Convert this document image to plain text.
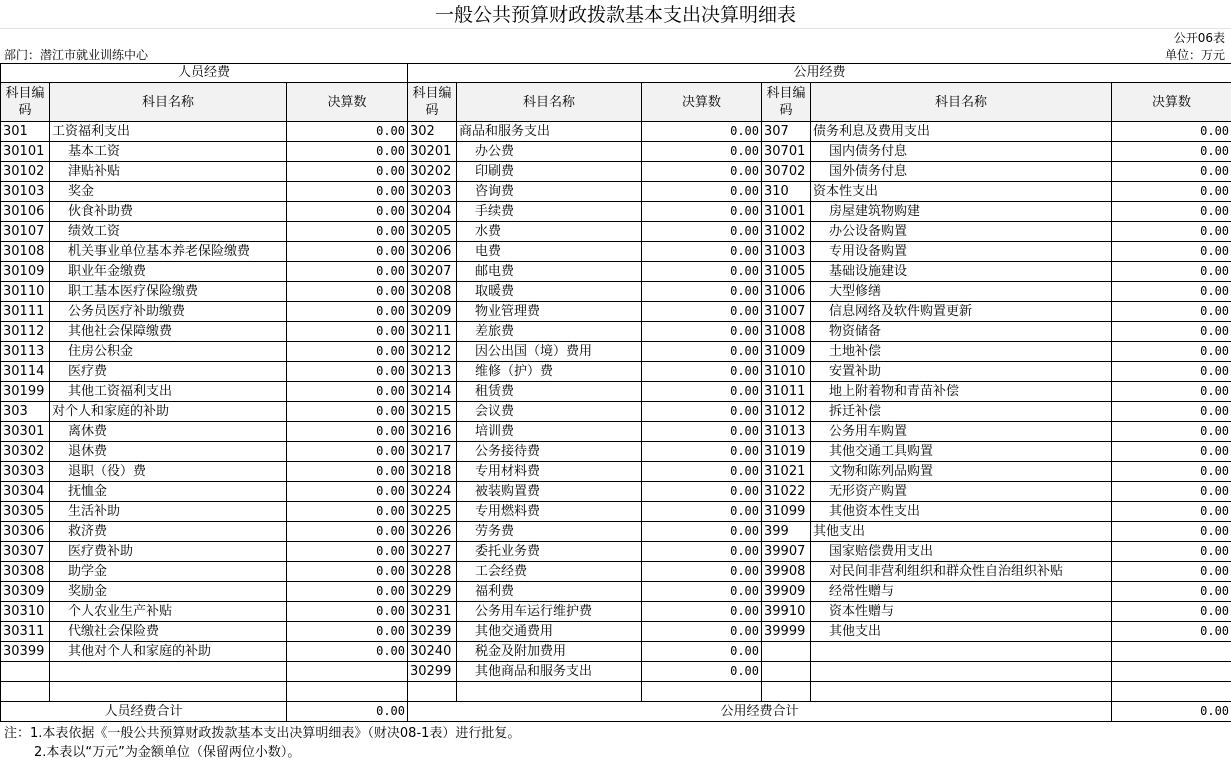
一般公共预算财政拨款基本支出决算明细表
公开06表
部门：潜江市就业训练中心	单位：万元
人员经费			公用经费					
科目编码	科目名称	决算数	科目编码	科目名称	决算数	科目编码	科目名称	决算数
301	工资福利支出	0.00	302	商品和服务支出	0.00	307	债务利息及费用支出	0.00
30101	基本工资	0.00	30201	办公费	0.00	30701	国内债务付息	0.00
30102	津贴补贴	0.00	30202	印刷费	0.00	30702	国外债务付息	0.00
30103	奖金	0.00	30203	咨询费	0.00	310	资本性支出	0.00
30106	伙食补助费	0.00	30204	手续费	0.00	31001	房屋建筑物购建	0.00
30107	绩效工资	0.00	30205	水费	0.00	31002	办公设备购置	0.00
30108	机关事业单位基本养老保险缴费	0.00	30206	电费	0.00	31003	专用设备购置	0.00
30109	职业年金缴费	0.00	30207	邮电费	0.00	31005	基础设施建设	0.00
30110	职工基本医疗保险缴费	0.00	30208	取暖费	0.00	31006	大型修缮	0.00
30111	公务员医疗补助缴费	0.00	30209	物业管理费	0.00	31007	信息网络及软件购置更新	0.00
30112	其他社会保障缴费	0.00	30211	差旅费	0.00	31008	物资储备	0.00
30113	住房公积金	0.00	30212	因公出国（境）费用	0.00	31009	土地补偿	0.00
30114	医疗费	0.00	30213	维修（护）费	0.00	31010	安置补助	0.00
30199	其他工资福利支出	0.00	30214	租赁费	0.00	31011	地上附着物和青苗补偿	0.00
303	对个人和家庭的补助	0.00	30215	会议费	0.00	31012	拆迁补偿	0.00
30301	离休费	0.00	30216	培训费	0.00	31013	公务用车购置	0.00
30302	退休费	0.00	30217	公务接待费	0.00	31019	其他交通工具购置	0.00
30303	退职（役）费	0.00	30218	专用材料费	0.00	31021	文物和陈列品购置	0.00
30304	抚恤金	0.00	30224	被装购置费	0.00	31022	无形资产购置	0.00
30305	生活补助	0.00	30225	专用燃料费	0.00	31099	其他资本性支出	0.00
30306	救济费	0.00	30226	劳务费	0.00	399	其他支出	0.00
30307	医疗费补助	0.00	30227	委托业务费	0.00	39907	国家赔偿费用支出	0.00
30308	助学金	0.00	30228	工会经费	0.00	39908	对民间非营利组织和群众性自治组织补贴	0.00
30309	奖励金	0.00	30229	福利费	0.00	39909	经常性赠与	0.00
30310	个人农业生产补贴	0.00	30231	公务用车运行维护费	0.00	39910	资本性赠与	0.00
30311	代缴社会保险费	0.00	30239	其他交通费用	0.00	39999	其他支出	0.00
30399	其他对个人和家庭的补助	0.00	30240	税金及附加费用	0.00			
			30299	其他商品和服务支出	0.00			

人员经费合计		0.00	公用经费合计					0.00
注：1.本表依据《一般公共预算财政拨款基本支出决算明细表》（财决08-1表）进行批复。
2.本表以“万元”为金额单位（保留两位小数）。
